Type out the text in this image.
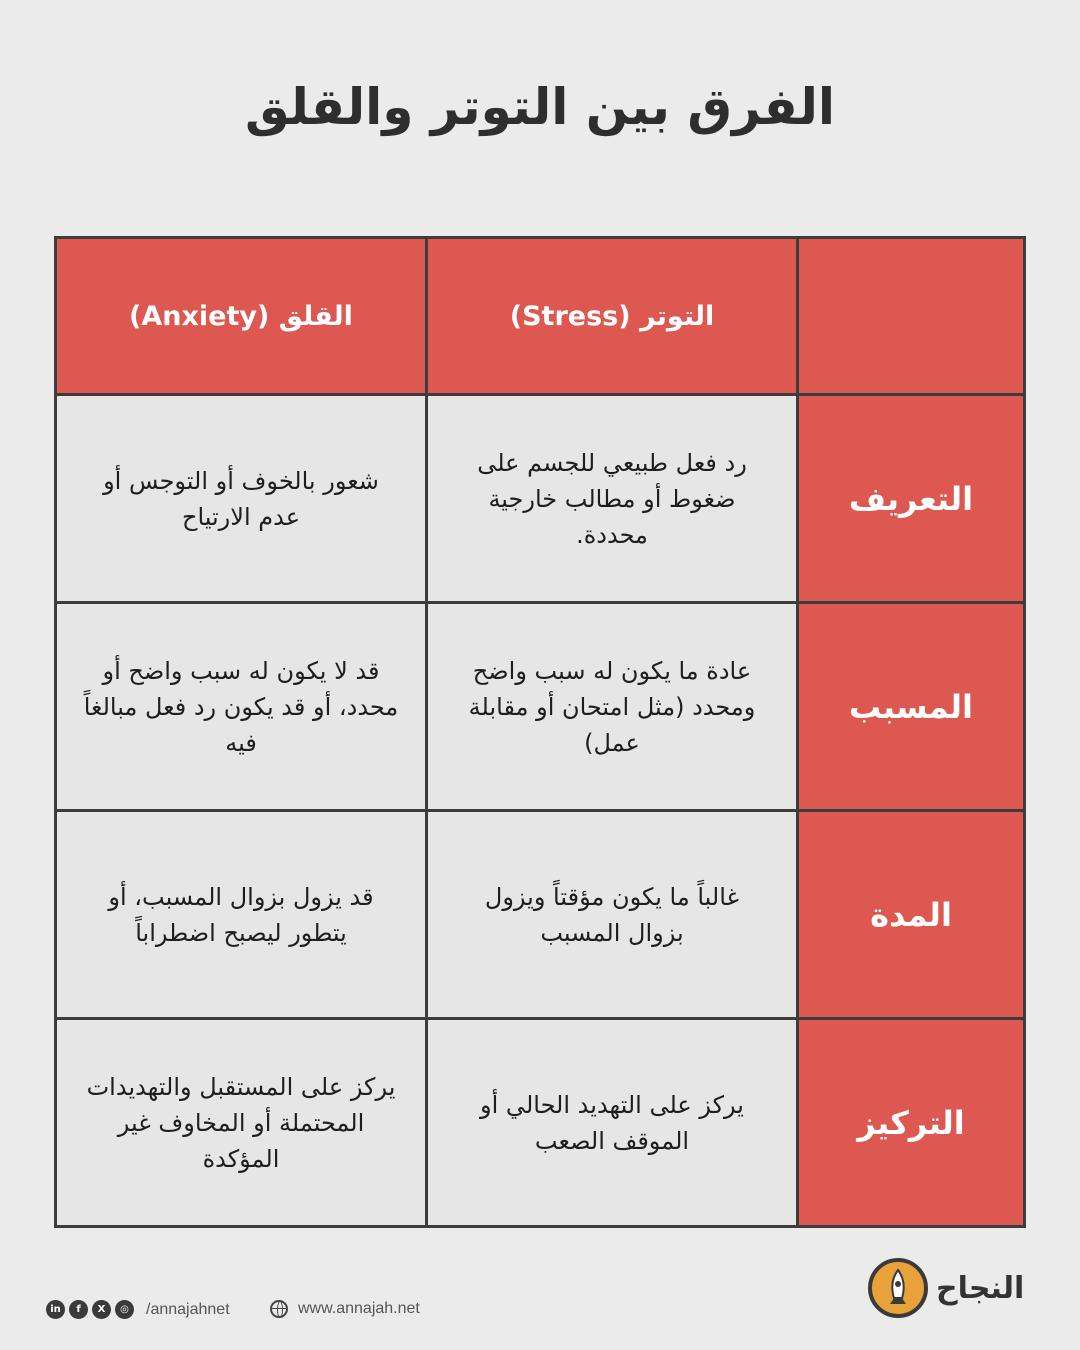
الفرق بين التوتر والقلق
	التوتر (Stress)	القلق (Anxiety)
التعريف	رد فعل طبيعي للجسم على ضغوط أو مطالب خارجية محددة.	شعور بالخوف أو التوجس أو عدم الارتياح
المسبب	عادة ما يكون له سبب واضح ومحدد (مثل امتحان أو مقابلة عمل)	قد لا يكون له سبب واضح أو محدد، أو قد يكون رد فعل مبالغاً فيه
المدة	غالباً ما يكون مؤقتاً ويزول بزوال المسبب	قد يزول بزوال المسبب، أو يتطور ليصبح اضطراباً
التركيز	يركز على التهديد الحالي أو الموقف الصعب	يركز على المستقبل والتهديدات المحتملة أو المخاوف غير المؤكدة
النجاح
in	f	X	◎	/annajahnet	www.annajah.net
